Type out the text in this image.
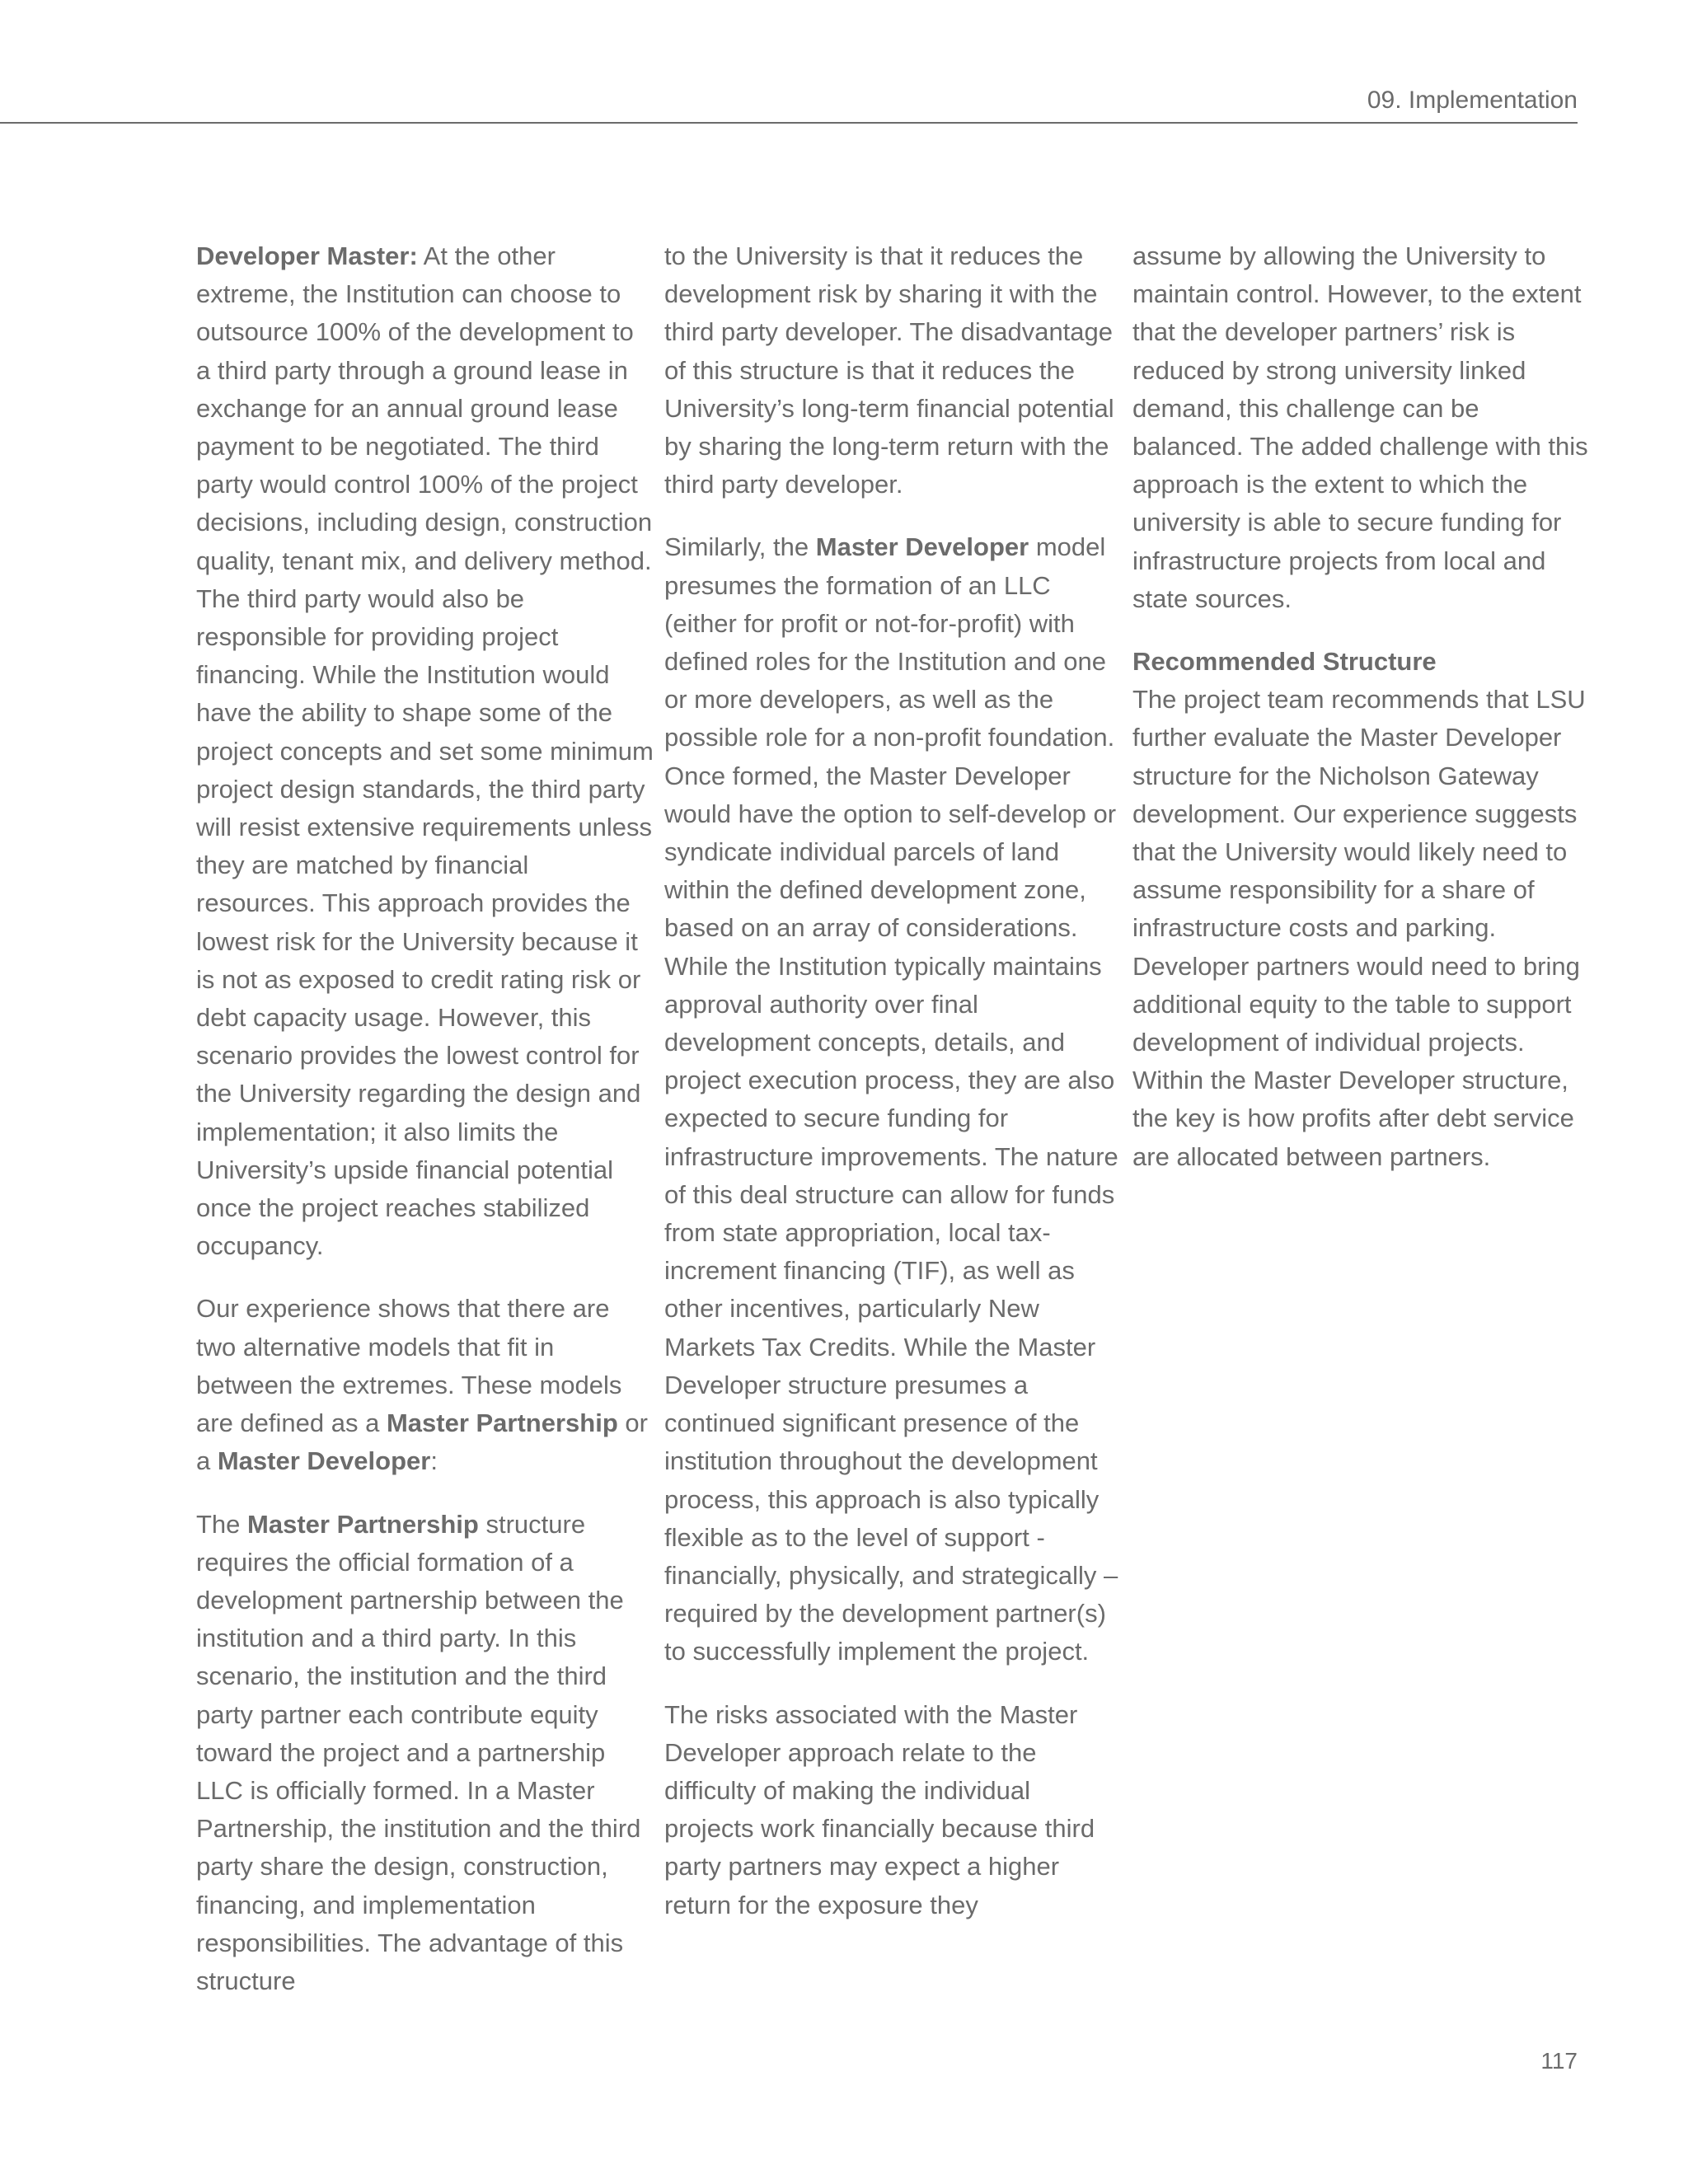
09. Implementation

Developer Master: At the other extreme, the Institution can choose to outsource 100% of the development to a third party through a ground lease in exchange for an annual ground lease payment to be negotiated. The third party would control 100% of the project decisions, including design, construction quality, tenant mix, and delivery method. The third party would also be responsible for providing project financing. While the Institution would have the ability to shape some of the project concepts and set some minimum project design standards, the third party will resist extensive requirements unless they are matched by financial resources. This approach provides the lowest risk for the University because it is not as exposed to credit rating risk or debt capacity usage. However, this scenario provides the lowest control for the University regarding the design and implementation; it also limits the University’s upside financial potential once the project reaches stabilized occupancy.

Our experience shows that there are two alternative models that fit in between the extremes. These models are defined as a Master Partnership or a Master Developer:

The Master Partnership structure requires the official formation of a development partnership between the institution and a third party. In this scenario, the institution and the third party partner each contribute equity toward the project and a partnership LLC is officially formed. In a Master Partnership, the institution and the third party share the design, construction, financing, and implementation responsibilities. The advantage of this structure

to the University is that it reduces the development risk by sharing it with the third party developer. The disadvantage of this structure is that it reduces the University’s long-term financial potential by sharing the long-term return with the third party developer.

Similarly, the Master Developer model presumes the formation of an LLC (either for profit or not-for-profit) with defined roles for the Institution and one or more developers, as well as the possible role for a non-profit foundation. Once formed, the Master Developer would have the option to self-develop or syndicate individual parcels of land within the defined development zone, based on an array of considerations. While the Institution typically maintains approval authority over final development concepts, details, and project execution process, they are also expected to secure funding for infrastructure improvements. The nature of this deal structure can allow for funds from state appropriation, local tax-increment financing (TIF), as well as other incentives, particularly New Markets Tax Credits. While the Master Developer structure presumes a continued significant presence of the institution throughout the development process, this approach is also typically flexible as to the level of support - financially, physically, and strategically – required by the development partner(s) to successfully implement the project.

The risks associated with the Master Developer approach relate to the difficulty of making the individual projects work financially because third party partners may expect a higher return for the exposure they

assume by allowing the University to maintain control. However, to the extent that the developer partners’ risk is reduced by strong university linked demand, this challenge can be balanced. The added challenge with this approach is the extent to which the university is able to secure funding for infrastructure projects from local and state sources.

Recommended Structure

The project team recommends that LSU further evaluate the Master Developer structure for the Nicholson Gateway development. Our experience suggests that the University would likely need to assume responsibility for a share of infrastructure costs and parking. Developer partners would need to bring additional equity to the table to support development of individual projects. Within the Master Developer structure, the key is how profits after debt service are allocated between partners.

117
